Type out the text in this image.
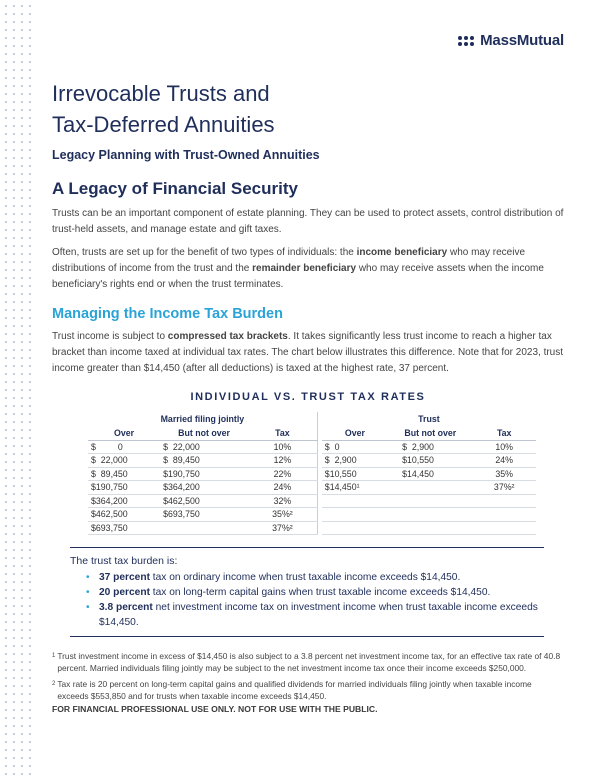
MassMutual
Irrevocable Trusts and
Tax-Deferred Annuities
Legacy Planning with Trust-Owned Annuities
A Legacy of Financial Security

Trusts can be an important component of estate planning. They can be used to protect assets, control distribution of trust-held assets, and manage estate and gift taxes.

Often, trusts are set up for the benefit of two types of individuals: the income beneficiary who may receive distributions of income from the trust and the remainder beneficiary who may receive assets when the income beneficiary's rights end or when the trust terminates.

Managing the Income Tax Burden

Trust income is subject to compressed tax brackets. It takes significantly less trust income to reach a higher tax bracket than income taxed at individual tax rates. The chart below illustrates this difference. Note that for 2023, trust income greater than $14,450 (after all deductions) is taxed at the highest rate, 37 percent.

INDIVIDUAL VS. TRUST TAX RATES
Married filing jointly		
Over	But not over	Tax
$         0	$  22,000	10%
$  22,000	$  89,450	12%
$  89,450	$190,750	22%
$190,750	$364,200	24%
$364,200	$462,500	32%
$462,500	$693,750	35%²
$693,750		37%²
Trust		
Over	But not over	Tax
$  0	$  2,900	10%
$  2,900	$10,550	24%
$10,550	$14,450	35%
$14,450¹		37%²

The trust tax burden is:
• 37 percent tax on ordinary income when trust taxable income exceeds $14,450.
• 20 percent tax on long-term capital gains when trust taxable income exceeds $14,450.
• 3.8 percent net investment income tax on investment income when trust taxable income exceeds $14,450.
1 Trust investment income in excess of $14,450 is also subject to a 3.8 percent net investment income tax, for an effective tax rate of 40.8 percent. Married individuals filing jointly may be subject to the net investment income tax once their income exceeds $250,000.
2 Tax rate is 20 percent on long-term capital gains and qualified dividends for married individuals filing jointly when taxable income exceeds $553,850 and for trusts when taxable income exceeds $14,450.
FOR FINANCIAL PROFESSIONAL USE ONLY. NOT FOR USE WITH THE PUBLIC.
